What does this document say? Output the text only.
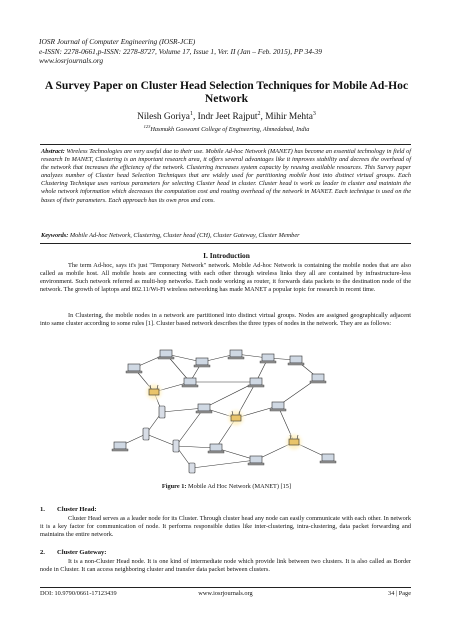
IOSR Journal of Computer Engineering (IOSR-JCE)
e-ISSN: 2278-0661,p-ISSN: 2278-8727, Volume 17, Issue 1, Ver. II (Jan – Feb. 2015), PP 34-39
www.iosrjournals.org
A Survey Paper on Cluster Head Selection Techniques for Mobile Ad-Hoc Network
Nilesh Goriya$^1$, Indr Jeet Rajput$^2$, Mihir Mehta$^3$
$^{123}$Hasmukh Goswami College of Engineering, Ahmedabad, India
Abstract: Wireless Technologies are very useful due to their use. Mobile Ad-hoc Network (MANET) has become an essential technology in field of research In MANET, Clustering is an important research area, it offers several advantages like it improves stability and decrees the overhead of the network that increases the efficiency of the network. Clustering increases system capacity by reusing available resources. This Survey paper analyzes number of Cluster head Selection Techniques that are widely used for partitioning mobile host into distinct virtual groups. Each Clustering Technique uses various parameters for selecting Cluster head in cluster. Cluster head is work as leader in cluster and maintain the whole network information which decreases the computation cost and routing overhead of the network in MANET. Each technique is used on the bases of their parameters. Each approach has its own pros and cons.
Keywords: Mobile Ad-hoc Network, Clustering, Cluster head (CH), Cluster Gateway, Cluster Member
I. Introduction
The term Ad-hoc, says it's just "Temporary Network" network. Mobile Ad-hoc Network is containing the mobile nodes that are also called as mobile host. All mobile hosts are connecting with each other through wireless links they all are contained by infrastructure-less environment. Such network referred as multi-hop networks. Each node working as router, it forwards data packets to the destination node of the network. The growth of laptops and 802.11/Wi-Fi wireless networking has made MANET a popular topic for research in recent time.
In Clustering, the mobile nodes in a network are partitioned into distinct virtual groups. Nodes are assigned geographically adjacent into same cluster according to some rules [1]. Cluster based network describes the three types of nodes in the network. They are as follows:
Figure 1: Mobile Ad Hoc Network (MANET) [15]
1. Cluster Head:
Cluster Head serves as a leader node for its Cluster. Through cluster head any node can easily communicate with each other. In network it is a key factor for communication of node. It performs responsible duties like inter-clustering, intra-clustering, data packet forwarding and maintains the entire network.
2. Cluster Gateway:
It is a non-Cluster Head node. It is one kind of intermediate node which provide link between two clusters. It is also called as Border node in Cluster. It can access neighboring cluster and transfer data packet between clusters.
DOI: 10.9790/0661-17123439	www.iosrjournals.org	34 | Page
